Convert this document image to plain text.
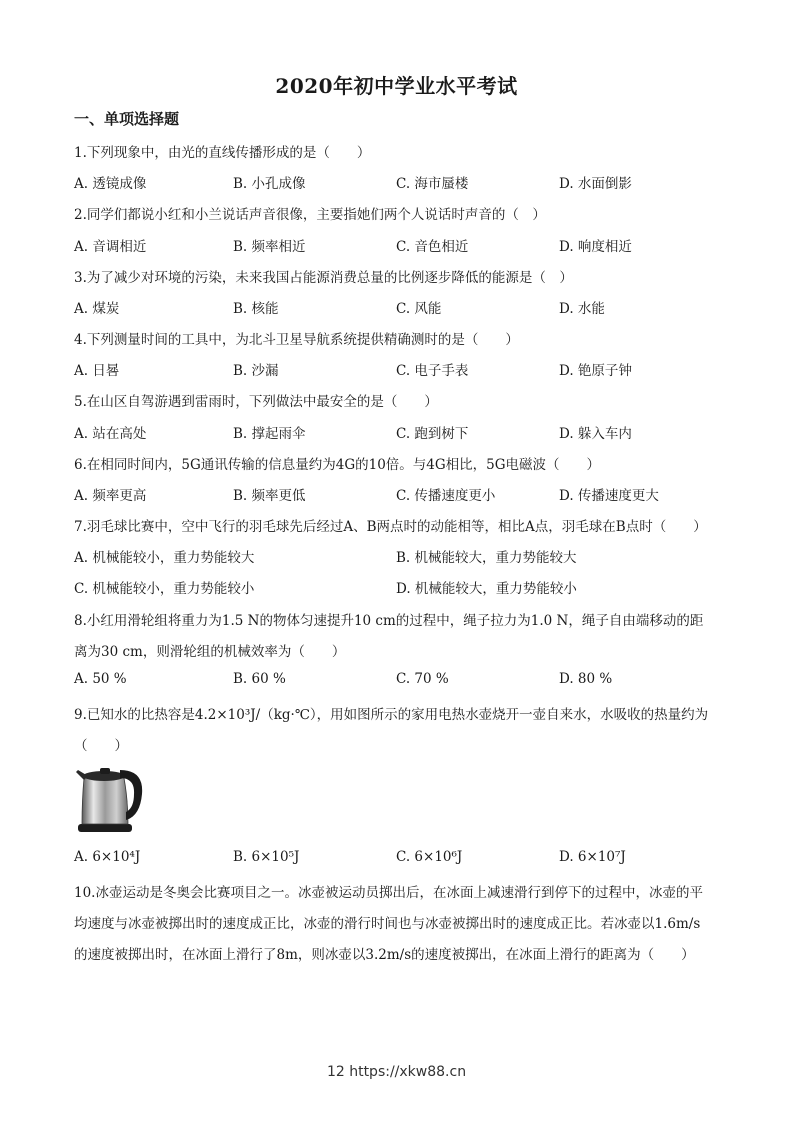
2020年初中学业水平考试
一、单项选择题
1.下列现象中，由光的直线传播形成的是（　　）
A. 透镜成像	B. 小孔成像	C. 海市蜃楼	D. 水面倒影
2.同学们都说小红和小兰说话声音很像，主要指她们两个人说话时声音的（　）
A. 音调相近	B. 频率相近	C. 音色相近	D. 响度相近
3.为了减少对环境的污染，未来我国占能源消费总量的比例逐步降低的能源是（　）
A. 煤炭	B. 核能	C. 风能	D. 水能
4.下列测量时间的工具中，为北斗卫星导航系统提供精确测时的是（　　）
A. 日晷	B. 沙漏	C. 电子手表	D. 铯原子钟
5.在山区自驾游遇到雷雨时，下列做法中最安全的是（　　）
A. 站在高处	B. 撑起雨伞	C. 跑到树下	D. 躲入车内
6.在相同时间内，5G通讯传输的信息量约为4G的10倍。与4G相比，5G电磁波（　　）
A. 频率更高	B. 频率更低	C. 传播速度更小	D. 传播速度更大
7.羽毛球比赛中，空中飞行的羽毛球先后经过A、B两点时的动能相等，相比A点，羽毛球在B点时（　　）
A. 机械能较小，重力势能较大	B. 机械能较大，重力势能较大
C. 机械能较小，重力势能较小	D. 机械能较大，重力势能较小
8.小红用滑轮组将重力为1.5 N的物体匀速提升10 cm的过程中，绳子拉力为1.0 N，绳子自由端移动的距
离为30 cm，则滑轮组的机械效率为（　　）
A. 50 %	B. 60 %	C. 70 %	D. 80 %
9.已知水的比热容是4.2×10³J/（kg·℃），用如图所示的家用电热水壶烧开一壶自来水，水吸收的热量约为
（　　）
A. 6×10⁴J	B. 6×10⁵J	C. 6×10⁶J	D. 6×10⁷J
10.冰壶运动是冬奥会比赛项目之一。冰壶被运动员掷出后，在冰面上减速滑行到停下的过程中，冰壶的平
均速度与冰壶被掷出时的速度成正比，冰壶的滑行时间也与冰壶被掷出时的速度成正比。若冰壶以1.6m/s
的速度被掷出时，在冰面上滑行了8m，则冰壶以3.2m/s的速度被掷出，在冰面上滑行的距离为（　　）
12 https://xkw88.cn
